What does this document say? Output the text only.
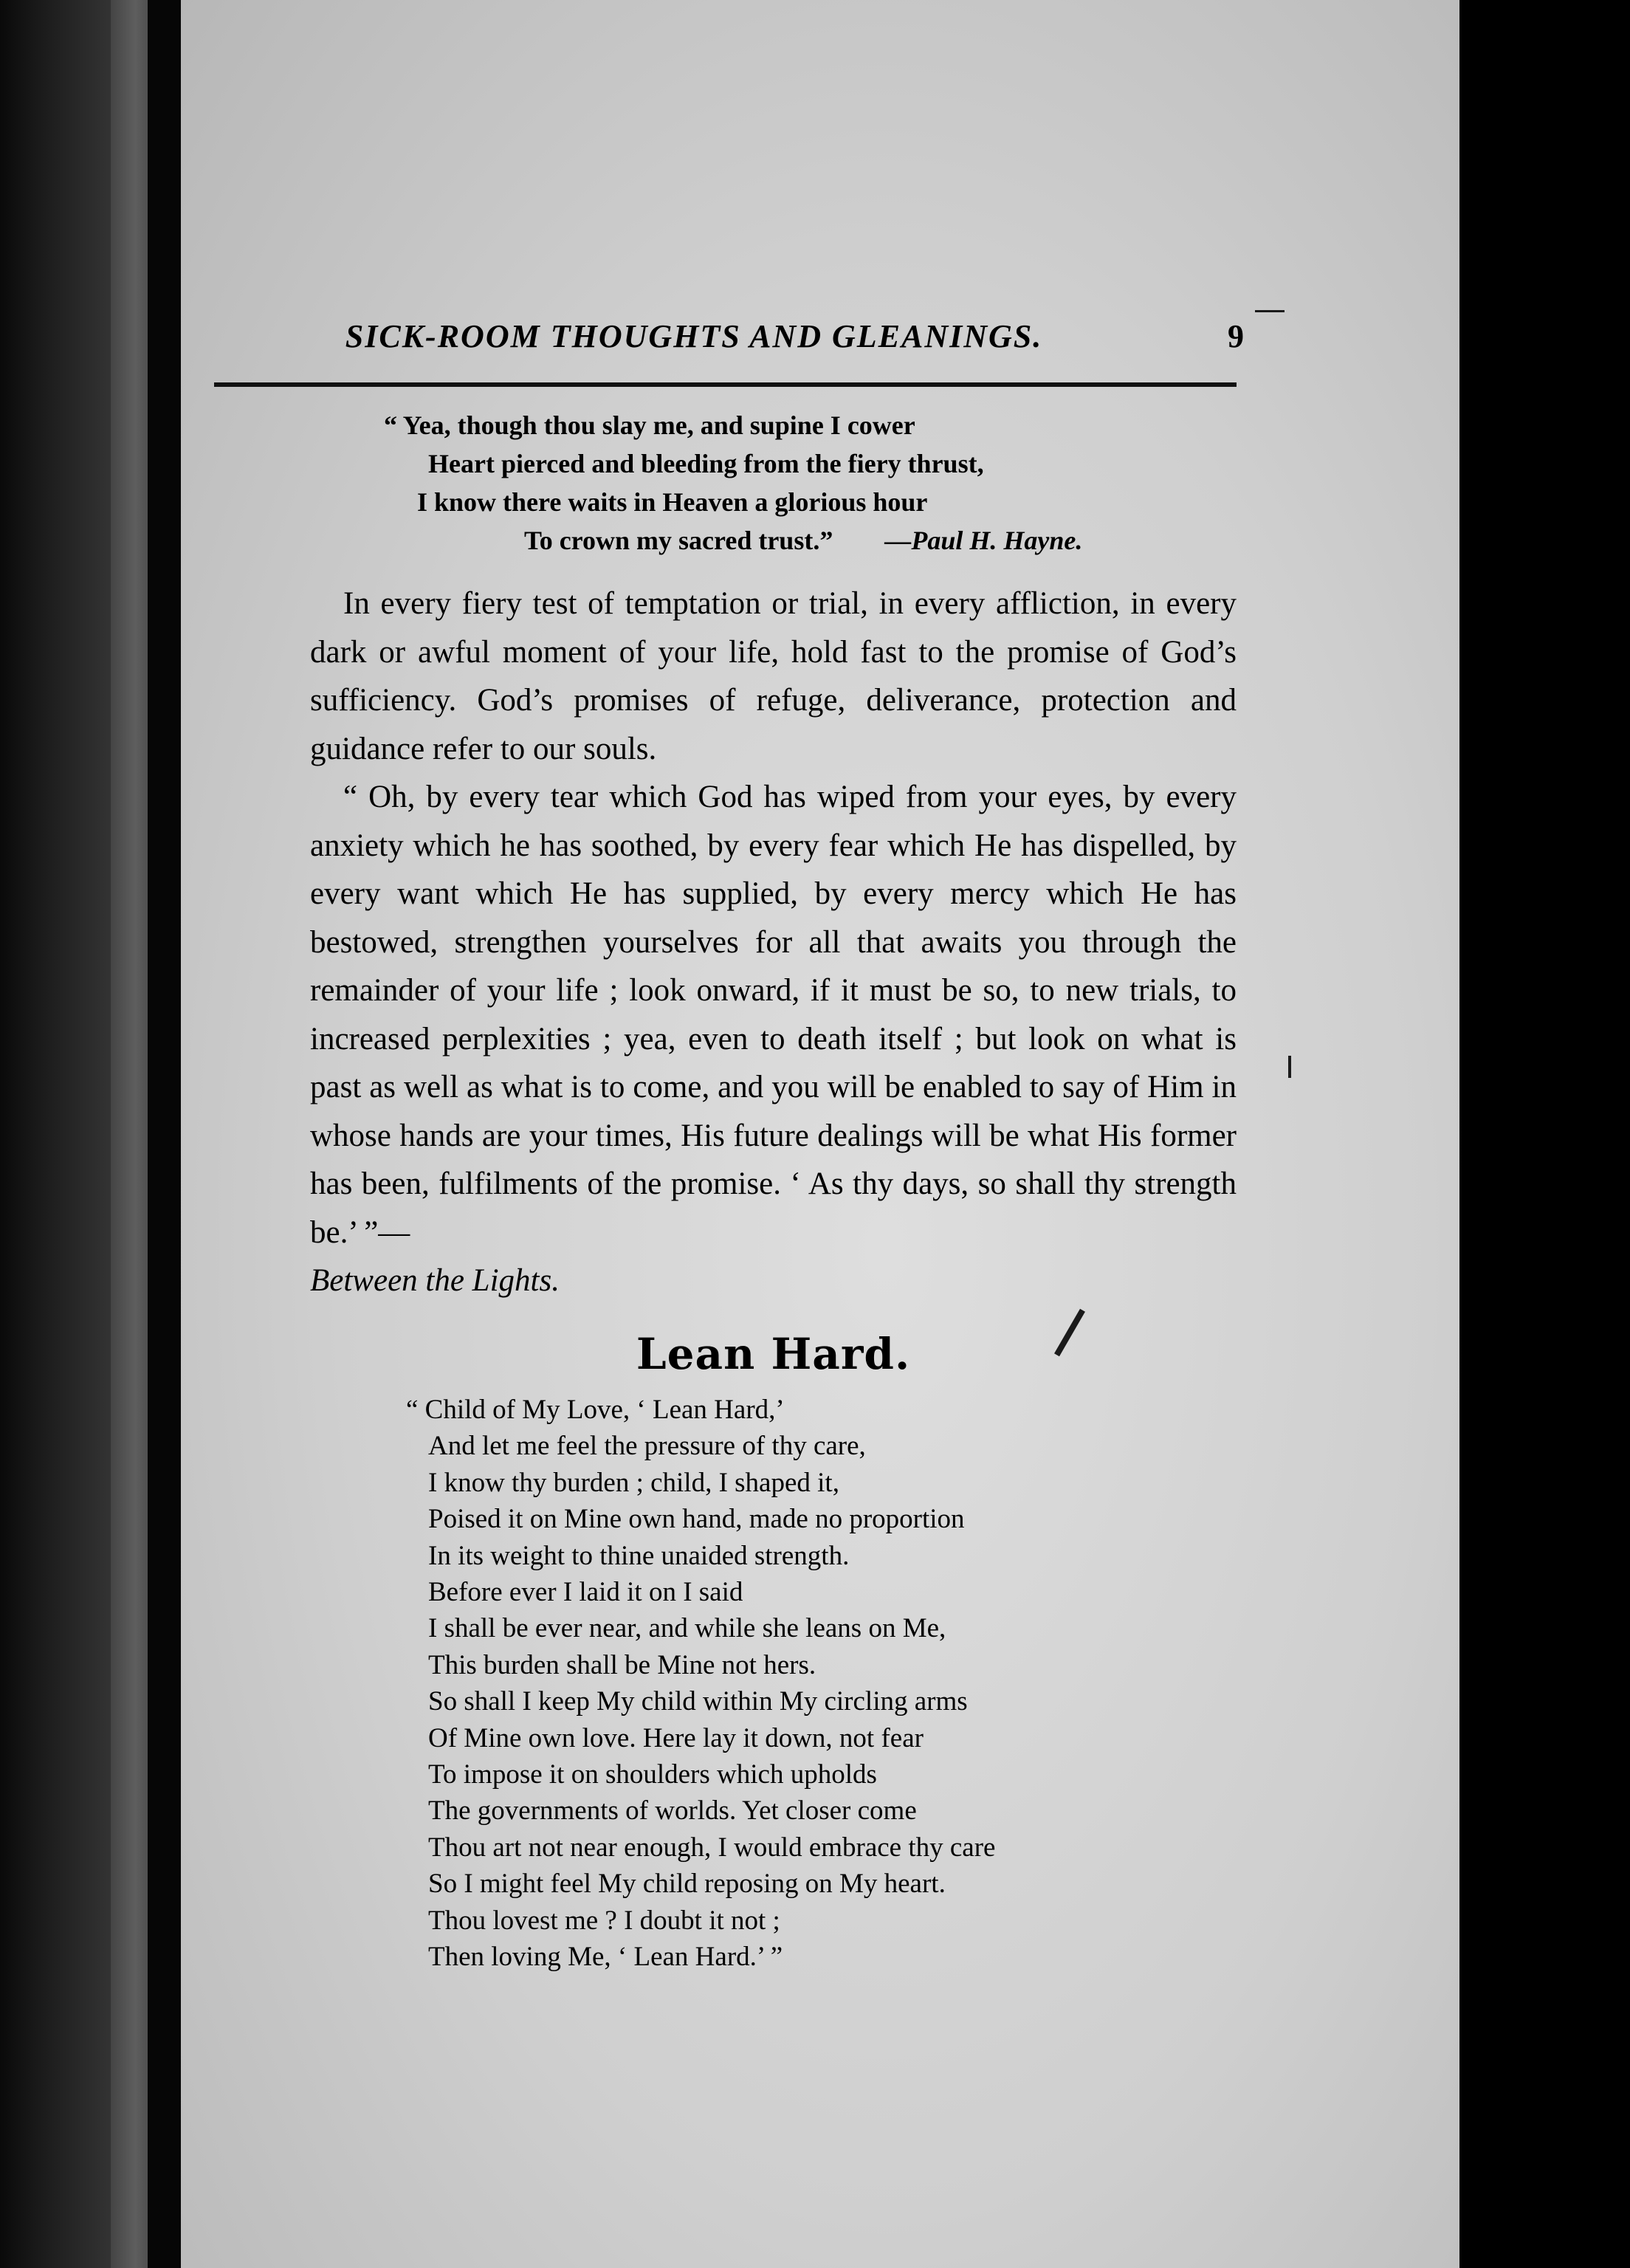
SICK-ROOM THOUGHTS AND GLEANINGS.	9
“ Yea, though thou slay me, and supine I cower
Heart pierced and bleeding from the fiery thrust,
I know there waits in Heaven a glorious hour
To crown my sacred trust.” —Paul H. Hayne.

In every fiery test of temptation or trial, in every affliction, in every dark or awful moment of your life, hold fast to the promise of God’s sufficiency. God’s promises of refuge, deliverance, protection and guidance refer to our souls.

“ Oh, by every tear which God has wiped from your eyes, by every anxiety which he has soothed, by every fear which He has dispelled, by every want which He has supplied, by every mercy which He has bestowed, strengthen yourselves for all that awaits you through the remainder of your life ; look onward, if it must be so, to new trials, to increased perplexities ; yea, even to death itself ; but look on what is past as well as what is to come, and you will be enabled to say of Him in whose hands are your times, His future dealings will be what His former has been, fulfilments of the promise. ‘ As thy days, so shall thy strength be.’ ”—
Between the Lights.

Lean Hard.
“ Child of My Love, ‘ Lean Hard,’
And let me feel the pressure of thy care,
I know thy burden ; child, I shaped it,
Poised it on Mine own hand, made no proportion
In its weight to thine unaided strength.
Before ever I laid it on I said
I shall be ever near, and while she leans on Me,
This burden shall be Mine not hers.
So shall I keep My child within My circling arms
Of Mine own love. Here lay it down, not fear
To impose it on shoulders which upholds
The governments of worlds. Yet closer come
Thou art not near enough, I would embrace thy care
So I might feel My child reposing on My heart.
Thou lovest me ? I doubt it not ;
Then loving Me, ‘ Lean Hard.’ ”
